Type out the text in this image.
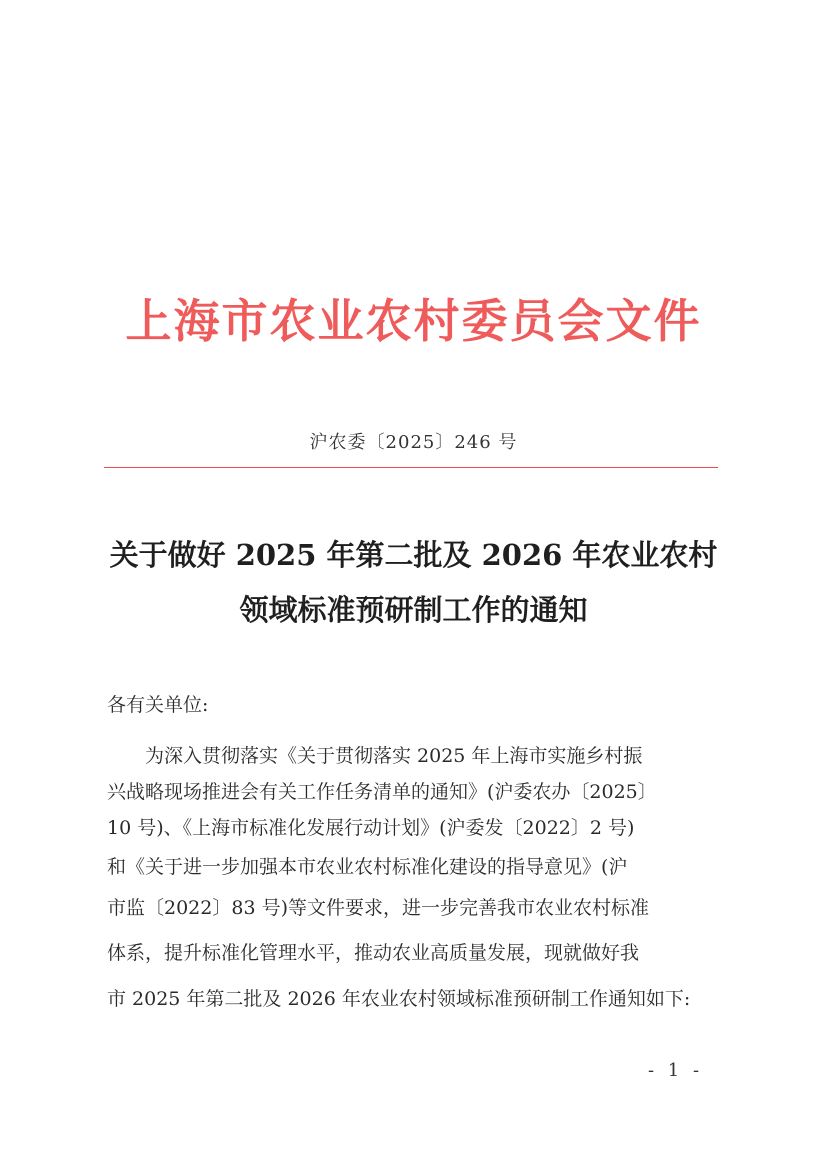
上海市农业农村委员会文件
沪农委〔2025〕246 号
关于做好 2025 年第二批及 2026 年农业农村
领域标准预研制工作的通知
各有关单位:
为深入贯彻落实《关于贯彻落实 2025 年上海市实施乡村振
兴战略现场推进会有关工作任务清单的通知》(沪委农办〔2025〕
10 号)、《上海市标准化发展行动计划》(沪委发〔2022〕2 号)
和《关于进一步加强本市农业农村标准化建设的指导意见》(沪
市监〔2022〕83 号)等文件要求，进一步完善我市农业农村标准
体系，提升标准化管理水平，推动农业高质量发展，现就做好我
市 2025 年第二批及 2026 年农业农村领域标准预研制工作通知如下:
- 1 -
